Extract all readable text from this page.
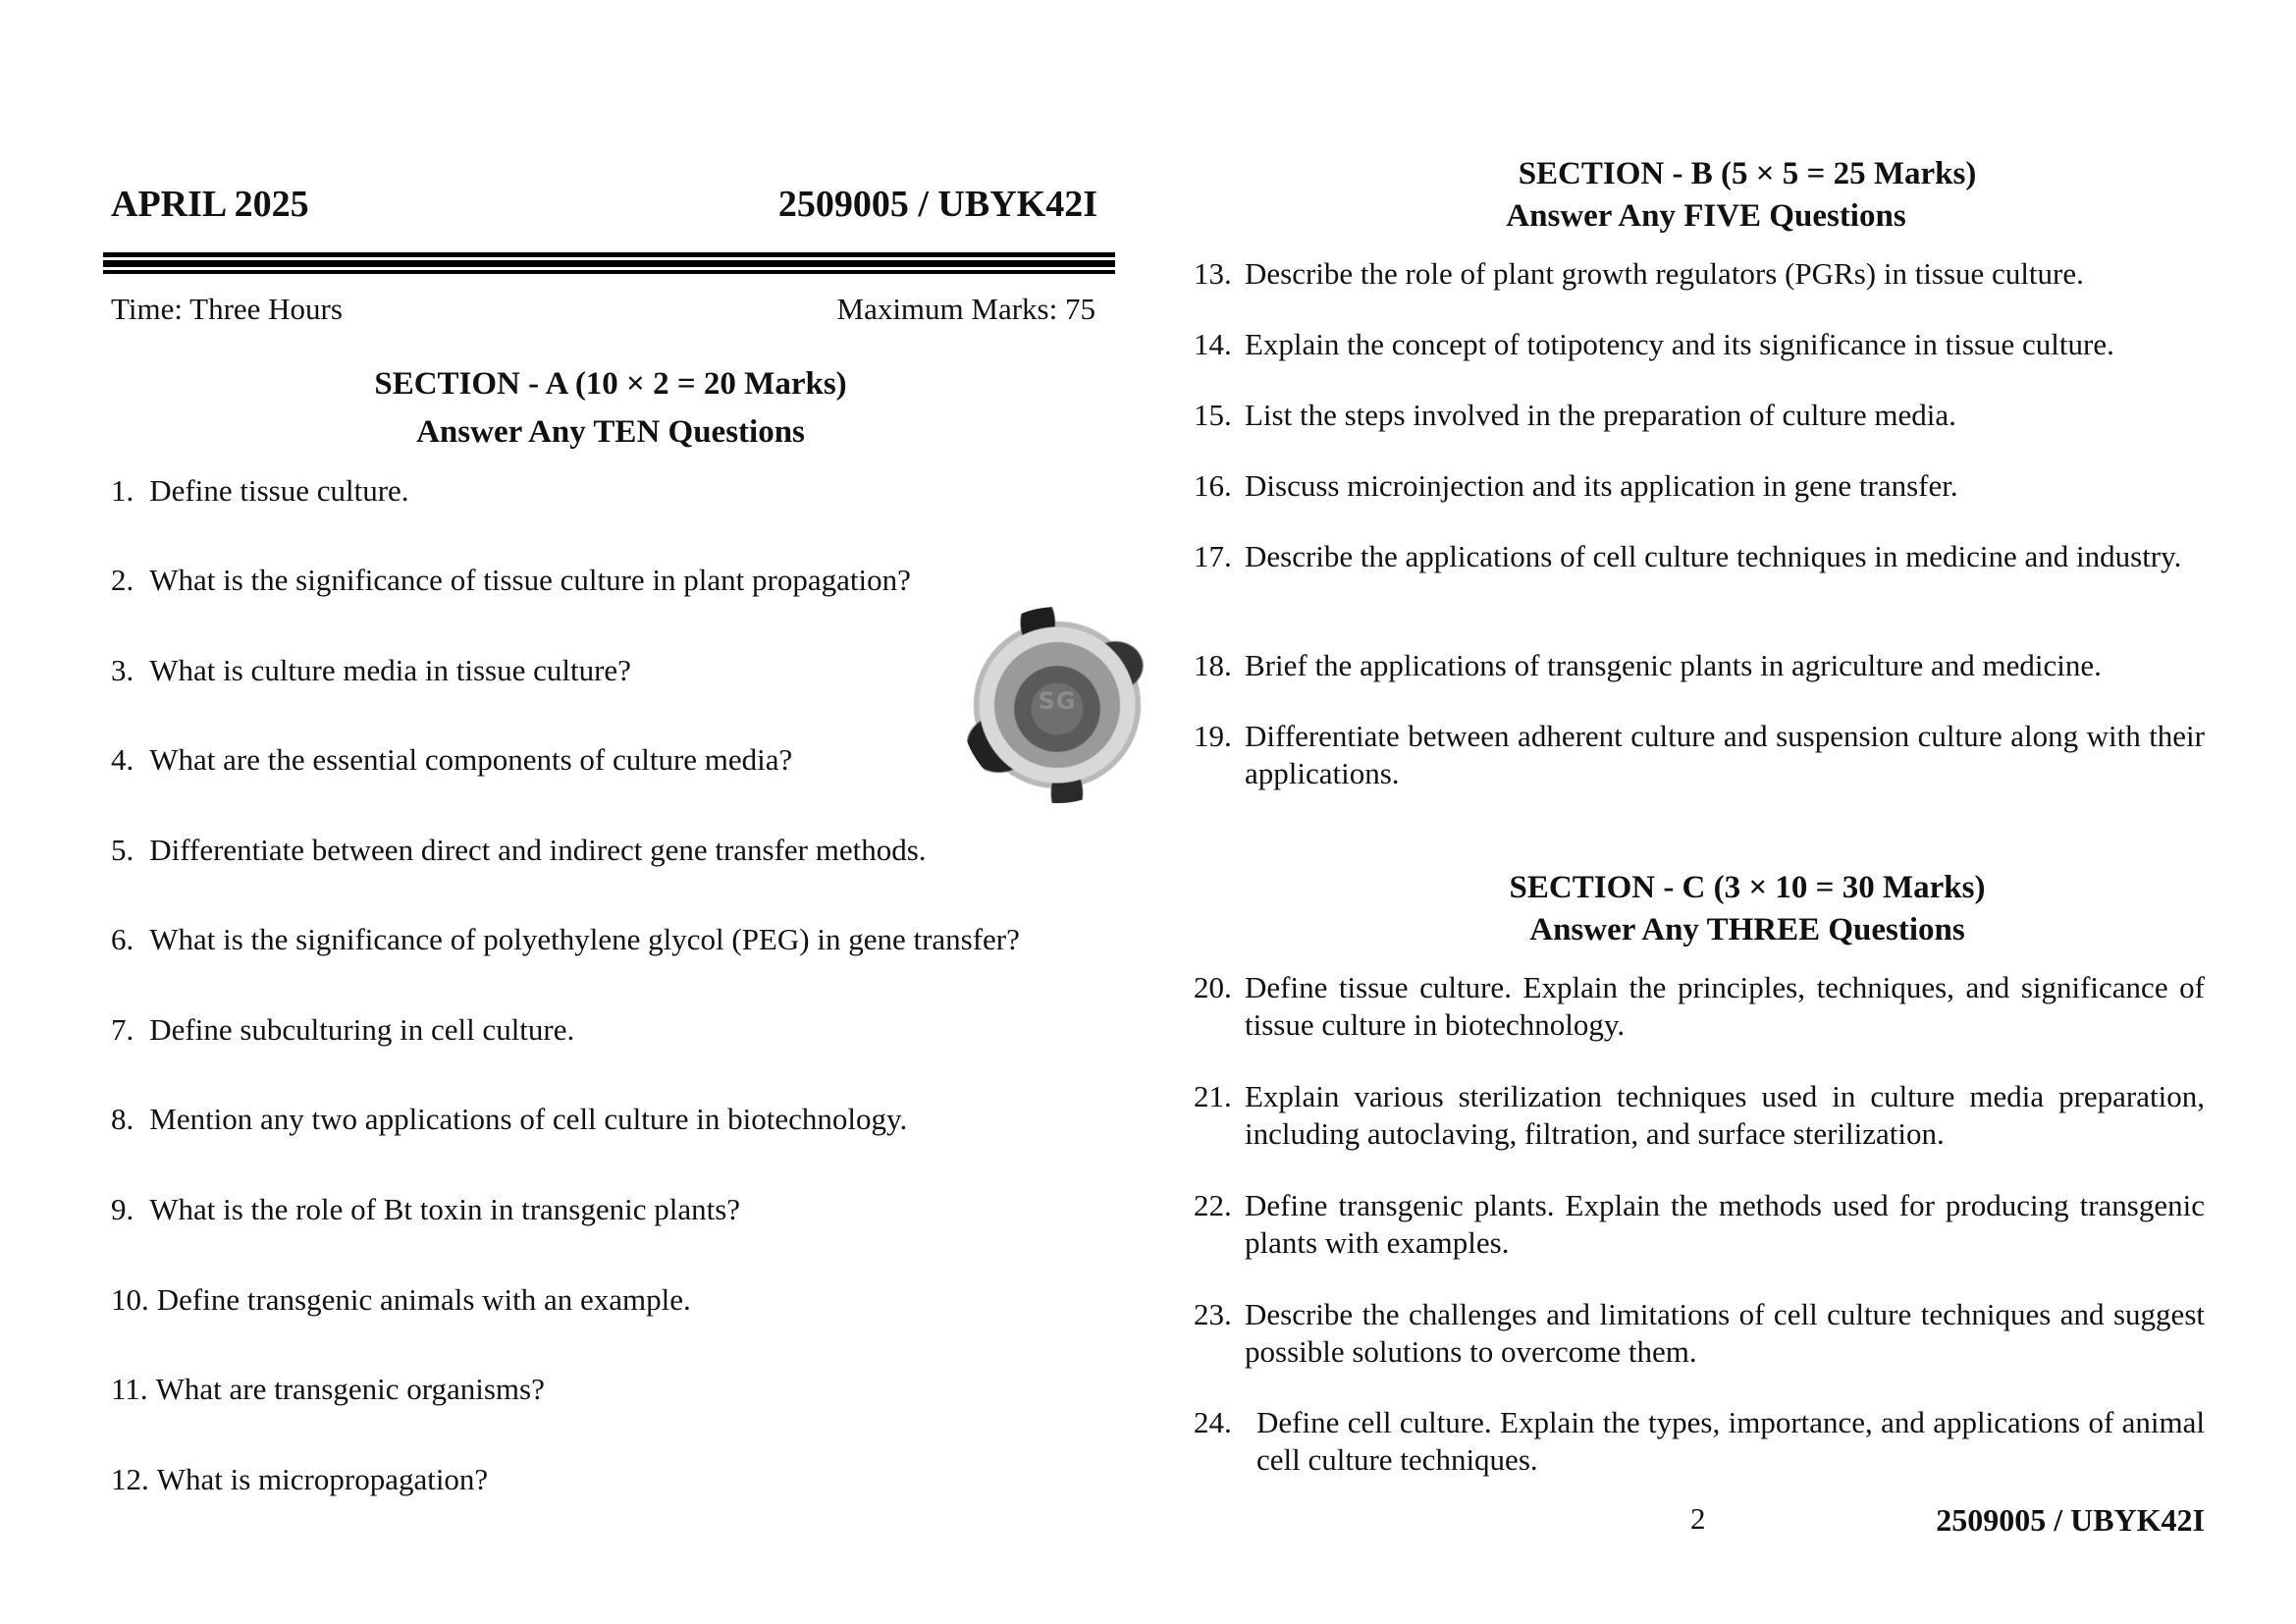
APRIL 2025	2509005 / UBYK42I
Time: Three Hours	Maximum Marks: 75
SECTION - A (10 × 2 = 20 Marks)
Answer Any TEN Questions
1. Define tissue culture.
2. What is the significance of tissue culture in plant propagation?
3. What is culture media in tissue culture?
4. What are the essential components of culture media?
5. Differentiate between direct and indirect gene transfer methods.
6. What is the significance of polyethylene glycol (PEG) in gene transfer?
7. Define subculturing in cell culture.
8. Mention any two applications of cell culture in biotechnology.
9. What is the role of Bt toxin in transgenic plants?
10. Define transgenic animals with an example.
11. What are transgenic organisms?
12. What is micropropagation?
SG
SECTION - B (5 × 5 = 25 Marks)
Answer Any FIVE Questions
13. Describe the role of plant growth regulators (PGRs) in tissue culture.
14. Explain the concept of totipotency and its significance in tissue culture.
15. List the steps involved in the preparation of culture media.
16. Discuss microinjection and its application in gene transfer.
17. Describe the applications of cell culture techniques in medicine and industry.
18. Brief the applications of transgenic plants in agriculture and medicine.
19. Differentiate between adherent culture and suspension culture along with their applications.
SECTION - C (3 × 10 = 30 Marks)
Answer Any THREE Questions
20. Define tissue culture. Explain the principles, techniques, and significance of tissue culture in biotechnology.
21. Explain various sterilization techniques used in culture media preparation, including autoclaving, filtration, and surface sterilization.
22. Define transgenic plants. Explain the methods used for producing transgenic plants with examples.
23. Describe the challenges and limitations of cell culture techniques and suggest possible solutions to overcome them.
24. Define cell culture. Explain the types, importance, and applications of animal cell culture techniques.
2	2509005 / UBYK42I
